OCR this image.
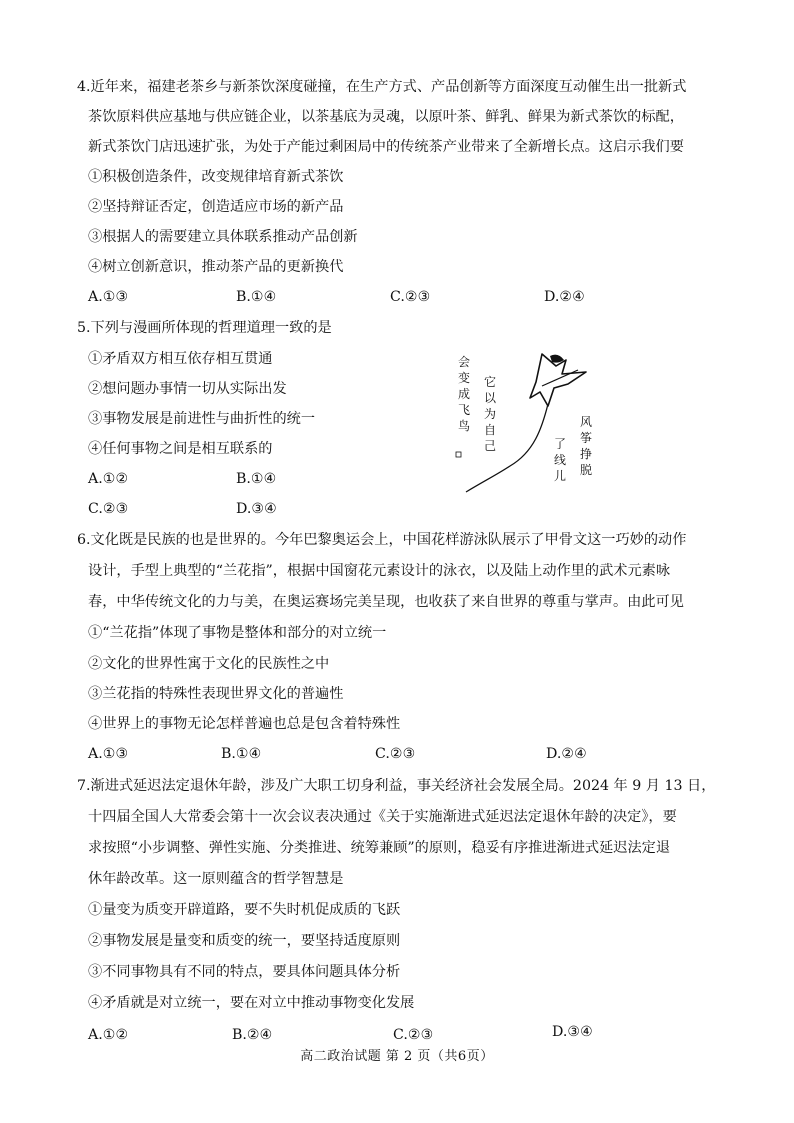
4.近年来，福建老茶乡与新茶饮深度碰撞，在生产方式、产品创新等方面深度互动催生出一批新式
茶饮原料供应基地与供应链企业，以茶基底为灵魂，以原叶茶、鲜乳、鲜果为新式茶饮的标配，
新式茶饮门店迅速扩张，为处于产能过剩困局中的传统茶产业带来了全新增长点。这启示我们要
①积极创造条件，改变规律培育新式茶饮
②坚持辩证否定，创造适应市场的新产品
③根据人的需要建立具体联系推动产品创新
④树立创新意识，推动茶产品的更新换代
A.①③	B.①④	C.②③	D.②④
5.下列与漫画所体现的哲理道理一致的是
①矛盾双方相互依存相互贯通
②想问题办事情一切从实际出发
③事物发展是前进性与曲折性的统一
④任何事物之间是相互联系的
A.①②	B.①④
C.②③	D.③④
会
变
成
飞
鸟
它
以
为
自
己
风
筝
挣
脱
了
线
儿
6.文化既是民族的也是世界的。今年巴黎奥运会上，中国花样游泳队展示了甲骨文这一巧妙的动作
设计，手型上典型的“兰花指”，根据中国窗花元素设计的泳衣，以及陆上动作里的武术元素咏
春，中华传统文化的力与美，在奥运赛场完美呈现，也收获了来自世界的尊重与掌声。由此可见
①“兰花指”体现了事物是整体和部分的对立统一
②文化的世界性寓于文化的民族性之中
③兰花指的特殊性表现世界文化的普遍性
④世界上的事物无论怎样普遍也总是包含着特殊性
A.①③	B.①④	C.②③	D.②④
7.渐进式延迟法定退休年龄，涉及广大职工切身利益，事关经济社会发展全局。2024 年 9 月 13 日，
十四届全国人大常委会第十一次会议表决通过《关于实施渐进式延迟法定退休年龄的决定》，要
求按照“小步调整、弹性实施、分类推进、统筹兼顾”的原则，稳妥有序推进渐进式延迟法定退
休年龄改革。这一原则蕴含的哲学智慧是
①量变为质变开辟道路，要不失时机促成质的飞跃
②事物发展是量变和质变的统一，要坚持适度原则
③不同事物具有不同的特点，要具体问题具体分析
④矛盾就是对立统一，要在对立中推动事物变化发展
A.①②	B.②④	C.②③	D.③④
高二政治试题 第 2 页（共6页）
